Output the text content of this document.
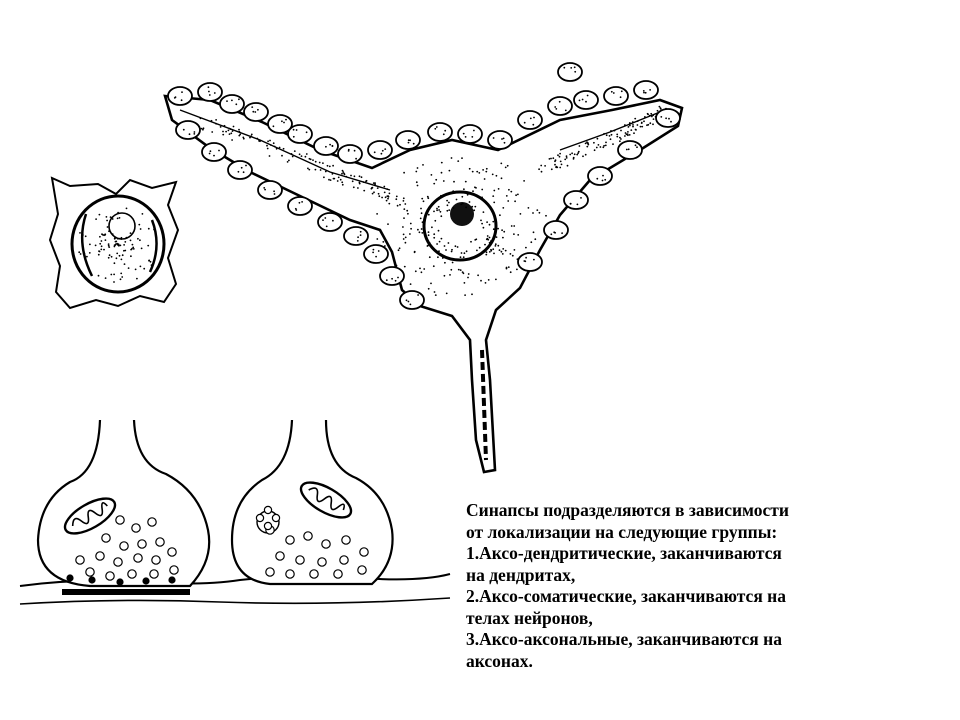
Синапсы подразделяются в зависимости
от локализации на следующие группы:
1.Аксо-дендритические, заканчиваются
на дендритах,
2.Аксо-соматические, заканчиваются на
телах нейронов,
3.Аксо-аксональные, заканчиваются на
аксонах.
